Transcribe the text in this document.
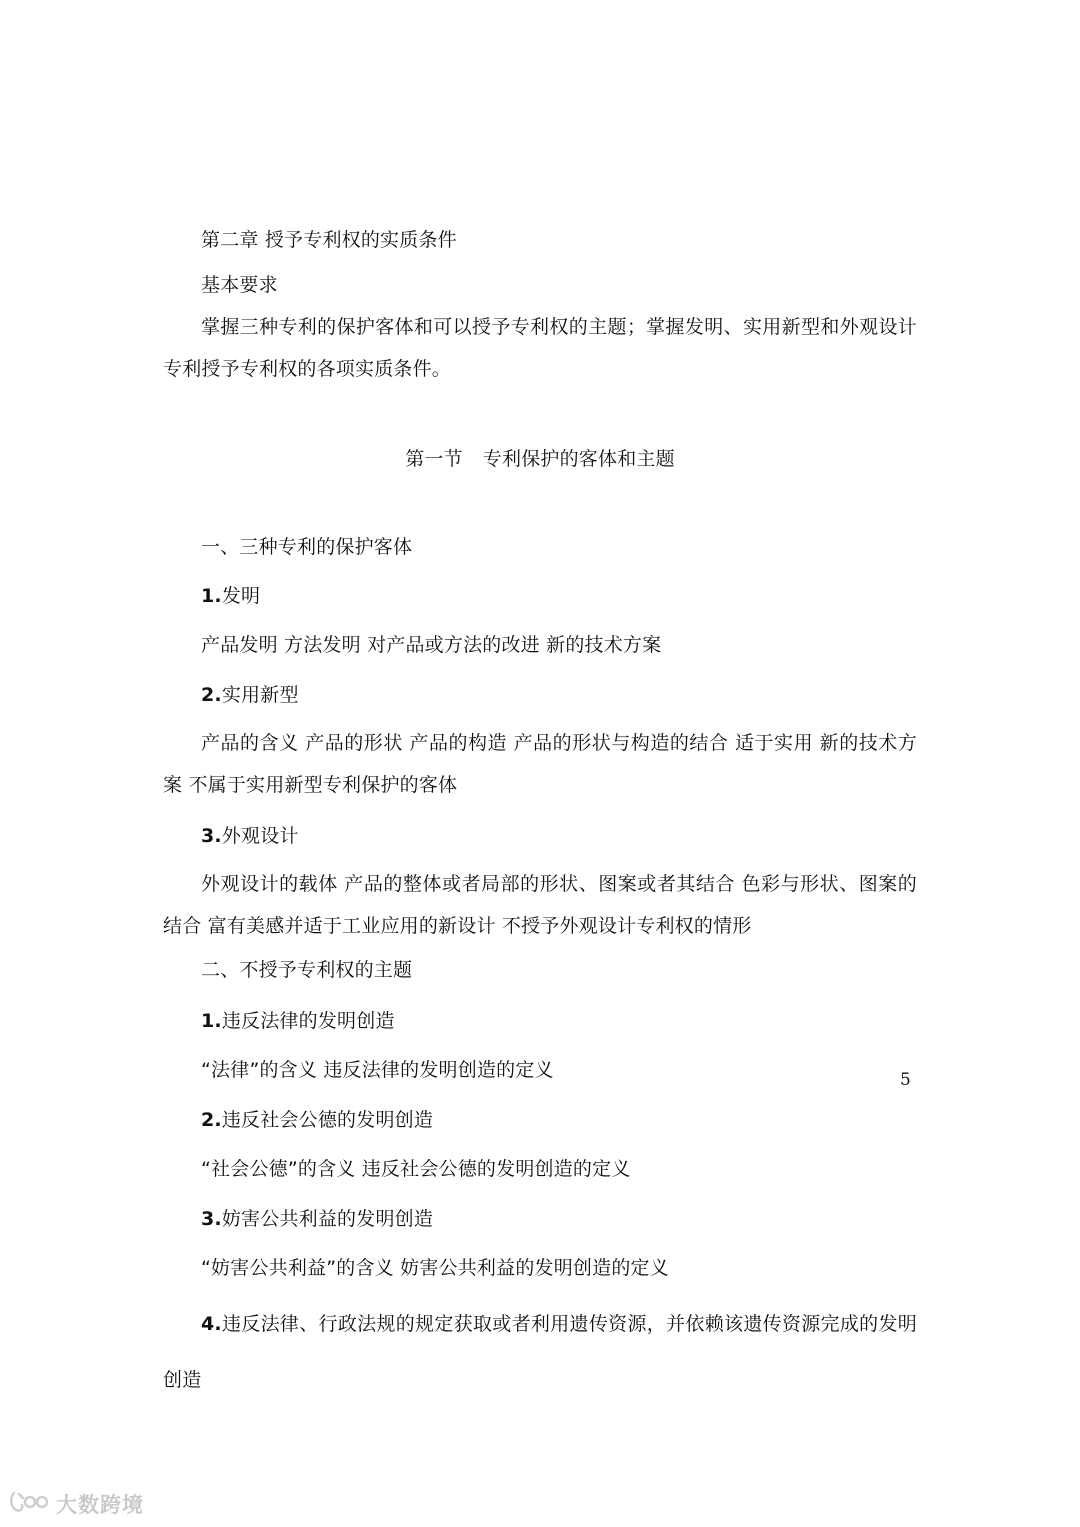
第二章 授予专利权的实质条件
基本要求
掌握三种专利的保护客体和可以授予专利权的主题；掌握发明、实用新型和外观设计专利授予专利权的各项实质条件。
第一节 专利保护的客体和主题
一、三种专利的保护客体
1.发明
产品发明 方法发明 对产品或方法的改进 新的技术方案
2.实用新型
产品的含义 产品的形状 产品的构造 产品的形状与构造的结合 适于实用 新的技术方案 不属于实用新型专利保护的客体
3.外观设计
外观设计的载体 产品的整体或者局部的形状、图案或者其结合 色彩与形状、图案的结合 富有美感并适于工业应用的新设计 不授予外观设计专利权的情形
二、不授予专利权的主题
1.违反法律的发明创造
“法律”的含义 违反法律的发明创造的定义
2.违反社会公德的发明创造
“社会公德”的含义 违反社会公德的发明创造的定义
3.妨害公共利益的发明创造
“妨害公共利益”的含义 妨害公共利益的发明创造的定义
4.违反法律、行政法规的规定获取或者利用遗传资源，并依赖该遗传资源完成的发明创造
5
大数跨境
